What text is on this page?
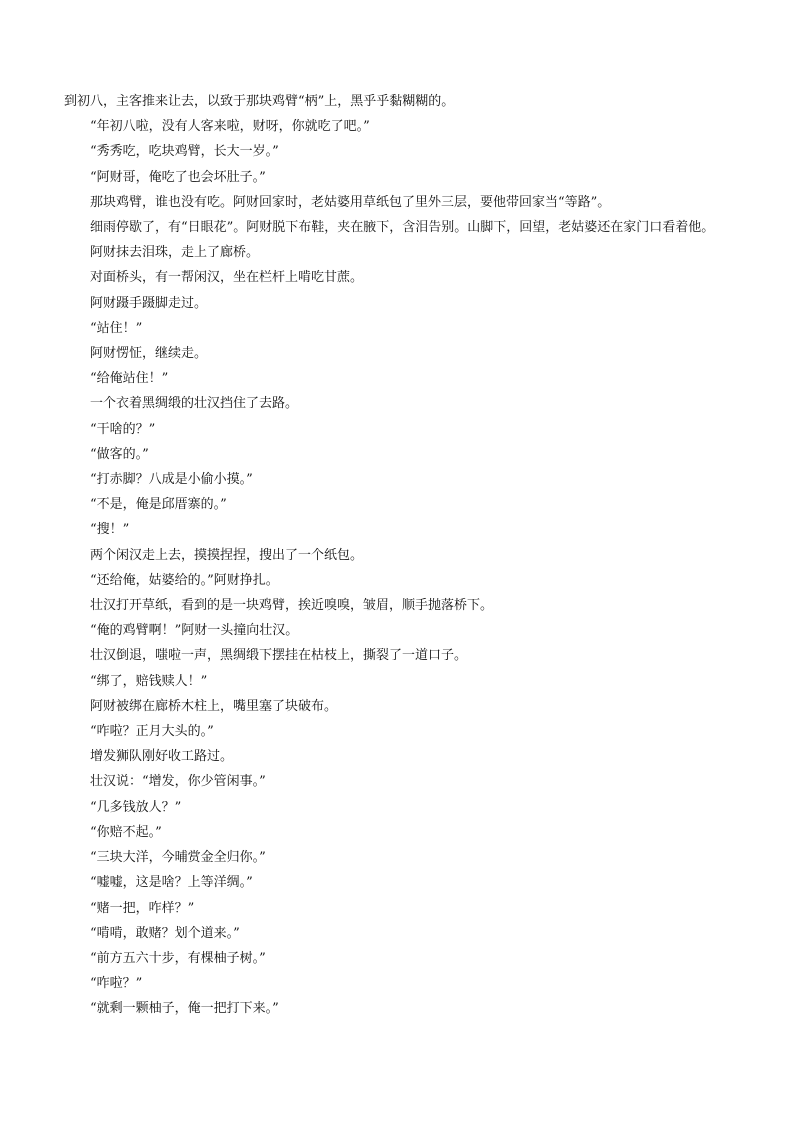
到初八，主客推来让去，以致于那块鸡臂“柄”上，黑乎乎黏糊糊的。

“年初八啦，没有人客来啦，财呀，你就吃了吧。”

“秀秀吃，吃块鸡臂，长大一岁。”

“阿财哥，俺吃了也会坏肚子。”

那块鸡臂，谁也没有吃。阿财回家时，老姑婆用草纸包了里外三层，要他带回家当“等路”。

细雨停歇了，有“日眼花”。阿财脱下布鞋，夹在腋下，含泪告别。山脚下，回望，老姑婆还在家门口看着他。

阿财抹去泪珠，走上了廊桥。

对面桥头，有一帮闲汉，坐在栏杆上啃吃甘蔗。

阿财蹑手蹑脚走过。

“站住！”

阿财愣怔，继续走。

“给俺站住！”

一个衣着黑绸缎的壮汉挡住了去路。

“干啥的？”

“做客的。”

“打赤脚？八成是小偷小摸。”

“不是，俺是邱厝寨的。”

“搜！”

两个闲汉走上去，摸摸捏捏，搜出了一个纸包。

“还给俺，姑婆给的。”阿财挣扎。

壮汉打开草纸，看到的是一块鸡臂，挨近嗅嗅，皱眉，顺手抛落桥下。

“俺的鸡臂啊！”阿财一头撞向壮汉。

壮汉倒退，嗤啦一声，黑绸缎下摆挂在枯枝上，撕裂了一道口子。

“绑了，赔钱赎人！”

阿财被绑在廊桥木柱上，嘴里塞了块破布。

“咋啦？正月大头的。”

增发狮队刚好收工路过。

壮汉说：“增发，你少管闲事。”

“几多钱放人？”

“你赔不起。”

“三块大洋，今晡赏金全归你。”

“嘘嘘，这是啥？上等洋绸。”

“赌一把，咋样？”

“啃啃，敢赌？划个道来。”

“前方五六十步，有棵柚子树。”

“咋啦？”

“就剩一颗柚子，俺一把打下来。”
